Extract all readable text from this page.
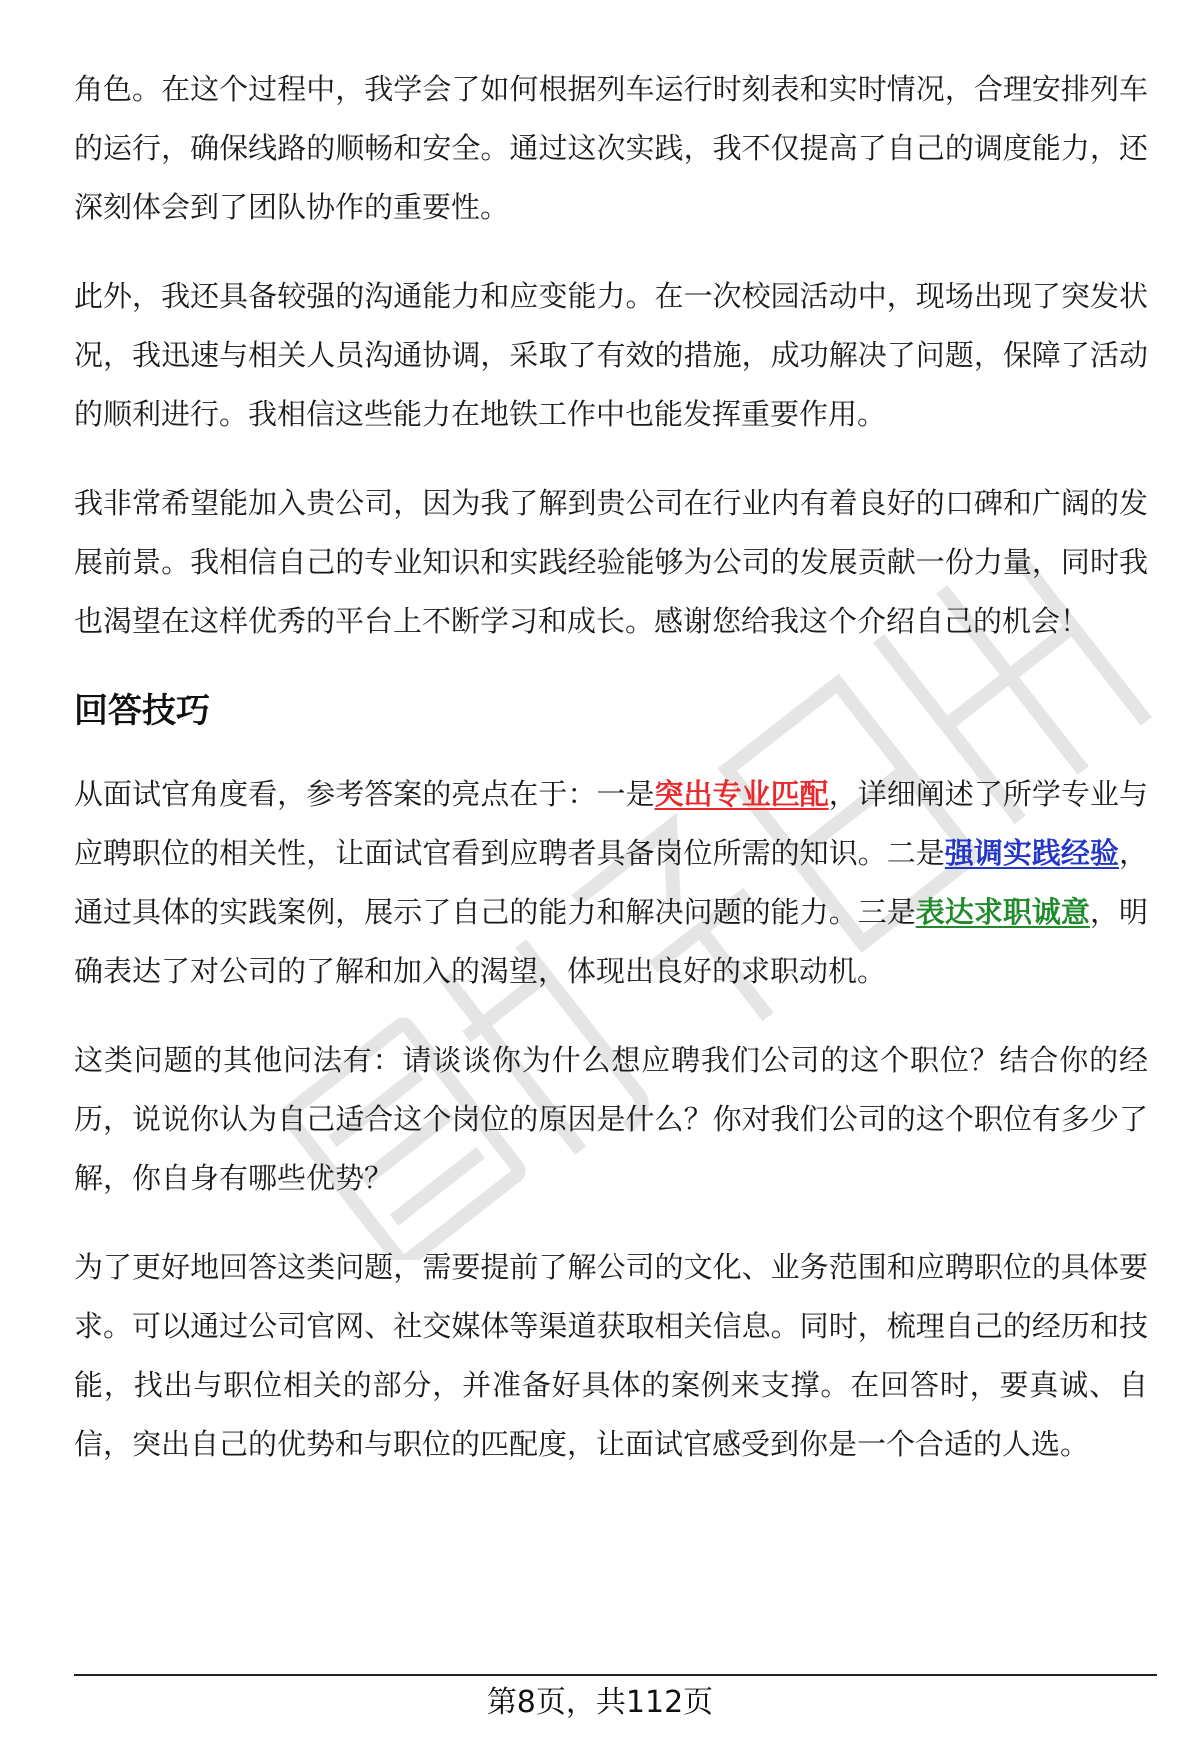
角色。在这个过程中，我学会了如何根据列车运行时刻表和实时情况，合理安排列车的运行，确保线路的顺畅和安全。通过这次实践，我不仅提高了自己的调度能力，还深刻体会到了团队协作的重要性。

此外，我还具备较强的沟通能力和应变能力。在一次校园活动中，现场出现了突发状况，我迅速与相关人员沟通协调，采取了有效的措施，成功解决了问题，保障了活动的顺利进行。我相信这些能力在地铁工作中也能发挥重要作用。

我非常希望能加入贵公司，因为我了解到贵公司在行业内有着良好的口碑和广阔的发展前景。我相信自己的专业知识和实践经验能够为公司的发展贡献一份力量，同时我也渴望在这样优秀的平台上不断学习和成长。感谢您给我这个介绍自己的机会！

回答技巧

从面试官角度看，参考答案的亮点在于：一是突出专业匹配，详细阐述了所学专业与应聘职位的相关性，让面试官看到应聘者具备岗位所需的知识。二是强调实践经验，通过具体的实践案例，展示了自己的能力和解决问题的能力。三是表达求职诚意，明确表达了对公司的了解和加入的渴望，体现出良好的求职动机。

这类问题的其他问法有：请谈谈你为什么想应聘我们公司的这个职位？结合你的经历，说说你认为自己适合这个岗位的原因是什么？你对我们公司的这个职位有多少了解，你自身有哪些优势？

为了更好地回答这类问题，需要提前了解公司的文化、业务范围和应聘职位的具体要求。可以通过公司官网、社交媒体等渠道获取相关信息。同时，梳理自己的经历和技能，找出与职位相关的部分，并准备好具体的案例来支撑。在回答时，要真诚、自信，突出自己的优势和与职位的匹配度，让面试官感受到你是一个合适的人选。

第8页，共112页
